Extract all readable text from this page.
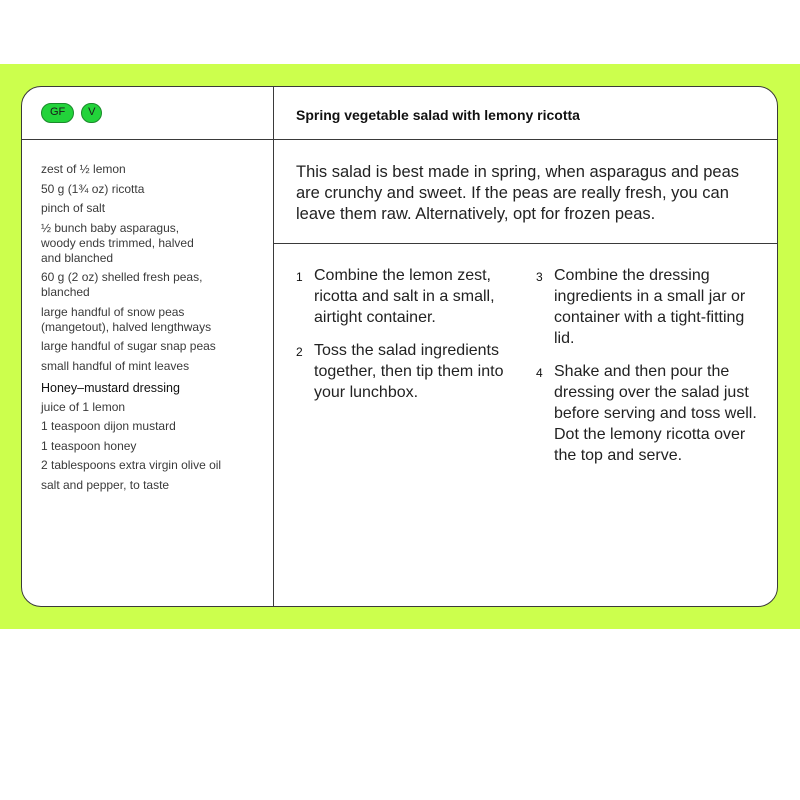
GF	V	Spring vegetable salad with lemony ricotta
This salad is best made in spring, when asparagus and peas are crunchy and sweet. If the peas are really fresh, you can leave them raw. Alternatively, opt for frozen peas.
zest of ½ lemon
50 g (1¾ oz) ricotta
pinch of salt
½ bunch baby asparagus, woody ends trimmed, halved and blanched
60 g (2 oz) shelled fresh peas, blanched
large handful of snow peas (mangetout), halved lengthways
large handful of sugar snap peas
small handful of mint leaves
Honey–mustard dressing
juice of 1 lemon
1 teaspoon dijon mustard
1 teaspoon honey
2 tablespoons extra virgin olive oil
salt and pepper, to taste
1 Combine the lemon zest, ricotta and salt in a small, airtight container.
2 Toss the salad ingredients together, then tip them into your lunchbox.
3 Combine the dressing ingredients in a small jar or container with a tight-fitting lid.
4 Shake and then pour the dressing over the salad just before serving and toss well. Dot the lemony ricotta over the top and serve.
